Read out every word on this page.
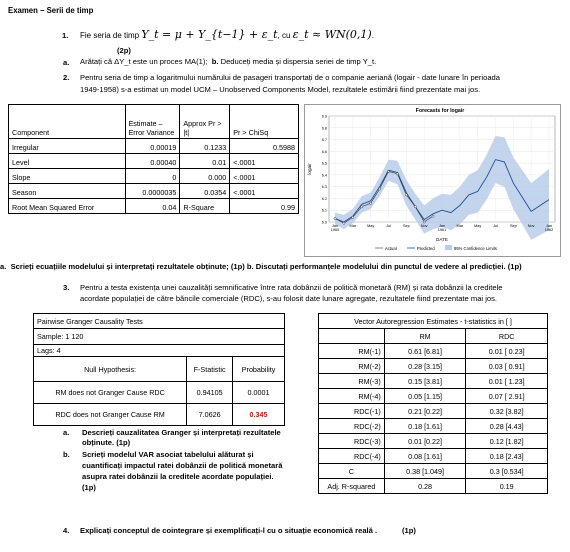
Examen – Serii de timp
1. Fie seria de timp Y_t = μ + Y_{t−1} + ε_t, cu ε_t ≈ WN(0,1).
(2p)
a. Arătați că ΔY_t este un proces MA(1); b. Deduceți media și dispersia seriei de timp Y_t.
2. Pentru seria de timp a logaritmului numărului de pasageri transportați de o companie aeriană (logair - date lunare în perioada
1949-1958) s-a estimat un model UCM – Unobserved Components Model, rezultatele estimării fiind prezentate mai jos.
Component	Estimate – Error Variance	Approx Pr > |t|	Pr > ChiSq
Irregular	0.00019	0.1233	0.5988
Level	0.00040	0.01	<.0001
Slope	0	0.000	<.0001
Season	0.0000035	0.0354	<.0001
Root Mean Squared Error	0.04	R-Square	0.99
Forecasts for logair
6.0
6.1
6.2
6.3
6.4
6.5
6.6
6.7
6.8
6.9
Jan
1960
Mar	May	Jul	Sep	Nov	Jan
1961
Mar	May	Jul	Sep	Nov	Jan
1962
logair
DATE
Actual	Predicted	95% Confidence Limits
a. Scrieți ecuațiile modelului și interpretați rezultatele obținute; (1p) b. Discutați performanțele modelului din punctul de vedere al predicției. (1p)
3. Pentru a testa existența unei cauzalități semnificative între rata dobânzii de politică monetară (RM) și rata dobânzii la creditele
acordate populației de către băncile comerciale (RDC), s-au folosit date lunare agregate, rezultatele fiind prezentate mai jos.
Pairwise Granger Causality Tests		
Sample: 1 120		
Lags: 4		
Null Hypothesis:	F-Statistic	Probability
RM does not Granger Cause RDC	0.94105	0.0001
RDC does not Granger Cause RM	7.0626	0.345
a. Descrieți cauzalitatea Granger și interpretați rezultatele
obținute. (1p)
b. Scrieți modelul VAR asociat tabelului alăturat și
cuantificați impactul ratei dobânzii de politică monetară
asupra ratei dobânzii la creditele acordate populației.
(1p)
Vector Autoregression Estimates - t-statistics in [ ]		
	RM	RDC
RM(-1)	0.61 [6.81]	0.01 [ 0.23]
RM(-2)	0.28 [3.15]	0.03 [ 0.91]
RM(-3)	0.15 [3.81]	0.01 [ 1.23]
RM(-4)	0.05 [1.15]	0.07 [ 2.91]
RDC(-1)	0.21 [0.22]	0.32 [3.82]
RDC(-2)	0.18 [1.61]	0.28 [4.43]
RDC(-3)	0.01 [0.22]	0.12 [1.82]
RDC(-4)	0.08 [1.61]	0.18 [2.43]
C	0.38 [1.049]	0.3 [0.534]
Adj. R-squared	0.28	0.19
4. Explicați conceptul de cointegrare și exemplificați-l cu o situație economică reală .	(1p)
